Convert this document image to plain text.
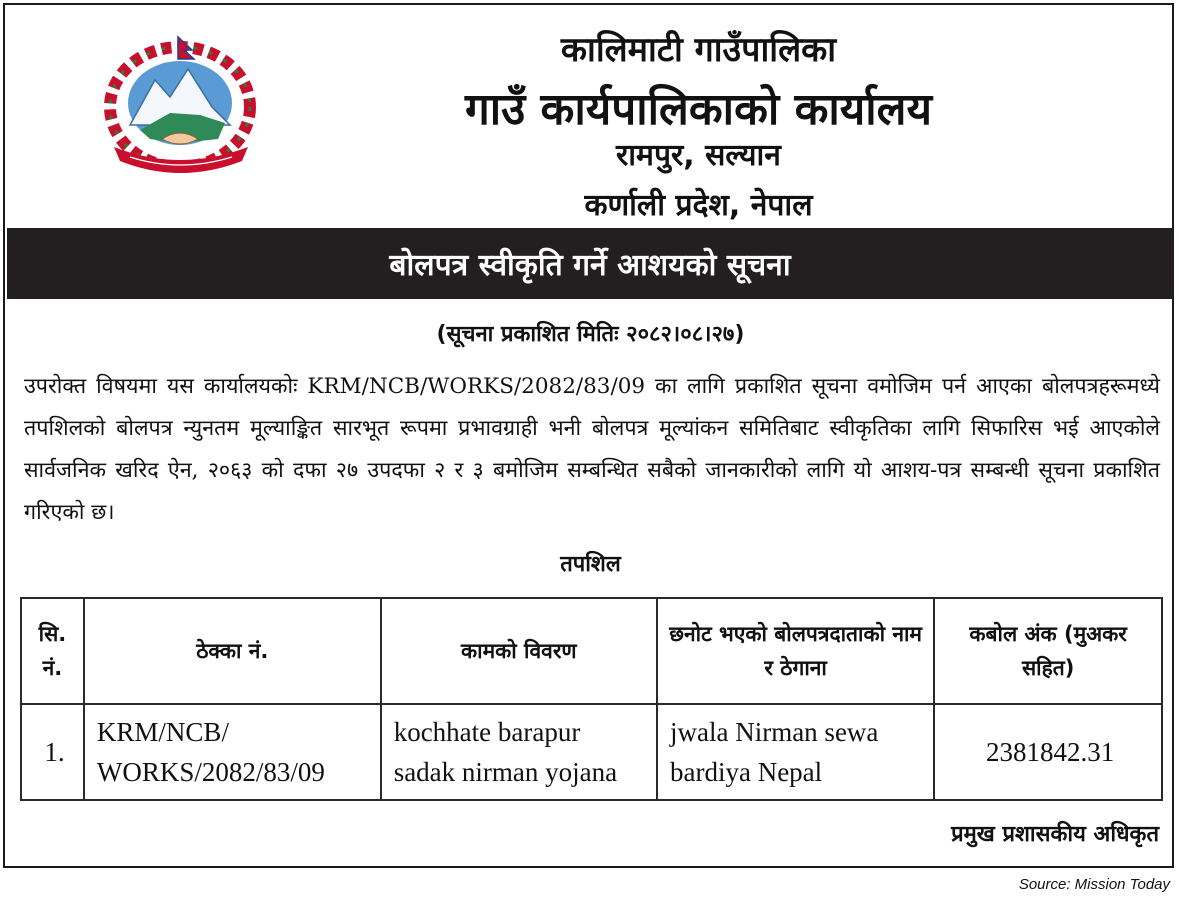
कालिमाटी गाउँपालिका
गाउँ कार्यपालिकाको कार्यालय
रामपुर, सल्यान
कर्णाली प्रदेश, नेपाल
बोलपत्र स्वीकृति गर्ने आशयको सूचना
(सूचना प्रकाशित मितिः २०८२।०८।२७)
उपरोक्त विषयमा यस कार्यालयकोः KRM/NCB/WORKS/2082/83/09 का लागि प्रकाशित सूचना वमोजिम पर्न आएका बोलपत्रहरूमध्ये तपशिलको बोलपत्र न्युनतम मूल्याङ्कित सारभूत रूपमा प्रभावग्राही भनी बोलपत्र मूल्यांकन समितिबाट स्वीकृतिका लागि सिफारिस भई आएकोले सार्वजनिक खरिद ऐन, २०६३ को दफा २७ उपदफा २ र ३ बमोजिम सम्बन्धित सबैको जानकारीको लागि यो आशय-पत्र सम्बन्धी सूचना प्रकाशित गरिएको छ।
तपशिल
सि. नं.	ठेक्का नं.	कामको विवरण	छनोट भएको बोलपत्रदाताको नाम र ठेगाना	कबोल अंक (मुअकर सहित)
1.	KRM/NCB/ WORKS/2082/83/09	kochhate barapur sadak nirman yojana	jwala Nirman sewa bardiya Nepal	2381842.31
प्रमुख प्रशासकीय अधिकृत
Source: Mission Today
